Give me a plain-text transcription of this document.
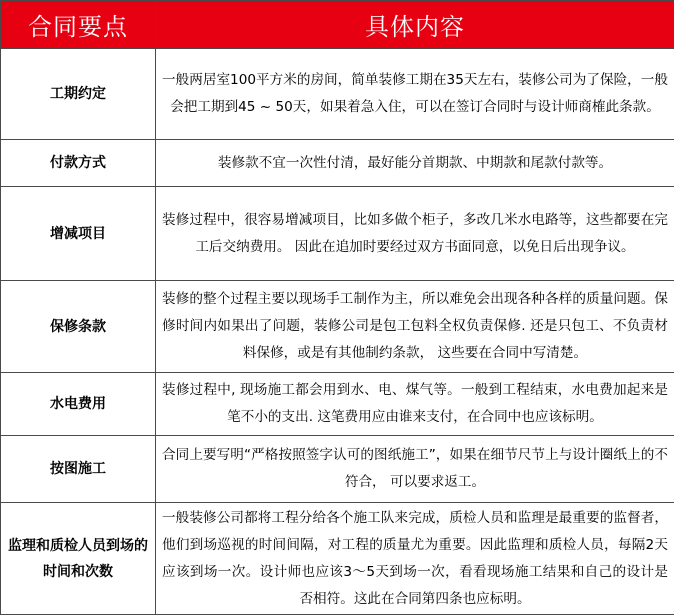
合同要点	具体内容
工期约定	一般两居室100平方米的房间，简单装修工期在35天左右，装修公司为了保险，一般会把工期到45 ~ 50天，如果着急入住，可以在签订合同时与设计师商榷此条款。
付款方式	装修款不宜一次性付清，最好能分首期款、中期款和尾款付款等。
增减项目	装修过程中，很容易增减项目，比如多做个柜子，多改几米水电路等，这些都要在完工后交纳费用。 因此在追加时要经过双方书面同意，以免日后出现争议。
保修条款	装修的整个过程主要以现场手工制作为主，所以难免会出现各种各样的质量问题。保修时间内如果出了问题，装修公司是包工包料全权负责保修. 还是只包工、不负责材料保修，或是有其他制约条款， 这些要在合同中写清楚。
水电费用	装修过程中, 现场施工都会用到水、电、煤气等。一般到工程结束，水电费加起来是笔不小的支出. 这笔费用应由谁来支付，在合同中也应该标明。
按图施工	合同上要写明“严格按照签字认可的图纸施工”，如果在细节尺节上与设计圈纸上的不符合， 可以要求返工。
监理和质检人员到场的时间和次数	一般装修公司都将工程分给各个施工队来完成，质检人员和监理是最重要的监督者，他们到场巡视的时间间隔，对工程的质量尤为重要。因此监理和质检人员，每隔2天应该到场一次。设计师也应该3～5天到场一次，看看现场施工结果和自己的设计是否相符。这此在合同第四条也应标明。
